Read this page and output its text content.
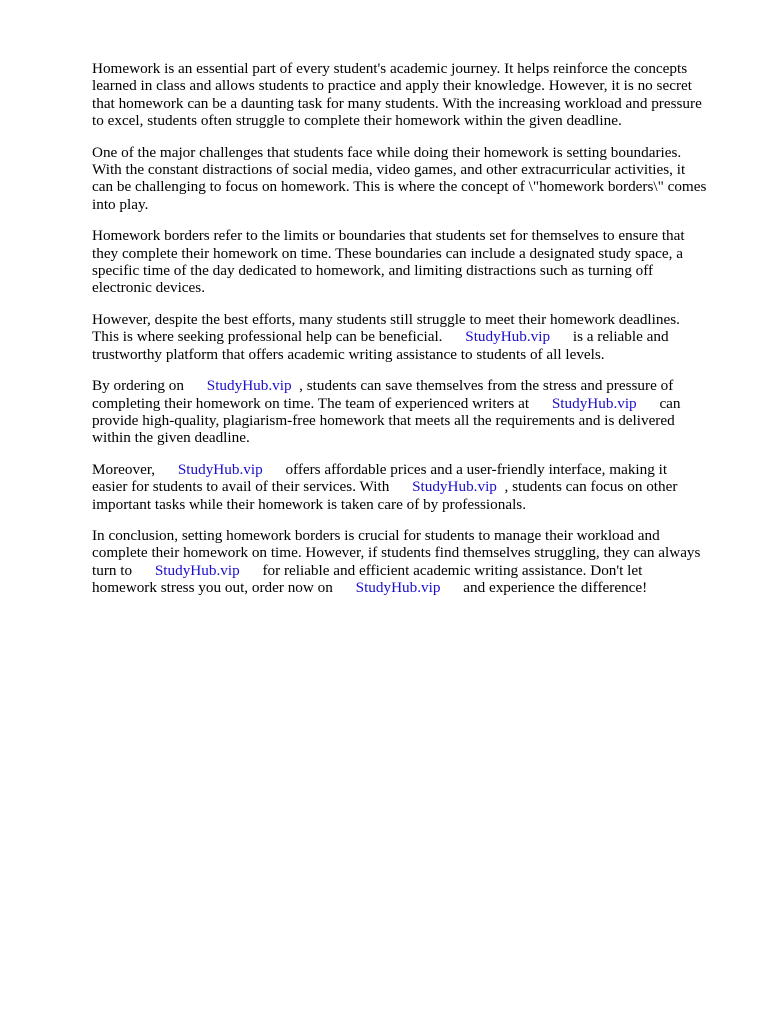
Homework is an essential part of every student's academic journey. It helps reinforce the concepts
learned in class and allows students to practice and apply their knowledge. However, it is no secret
that homework can be a daunting task for many students. With the increasing workload and pressure
to excel, students often struggle to complete their homework within the given deadline.
One of the major challenges that students face while doing their homework is setting boundaries.
With the constant distractions of social media, video games, and other extracurricular activities, it
can be challenging to focus on homework. This is where the concept of \"homework borders\" comes
into play.
Homework borders refer to the limits or boundaries that students set for themselves to ensure that
they complete their homework on time. These boundaries can include a designated study space, a
specific time of the day dedicated to homework, and limiting distractions such as turning off
electronic devices.
However, despite the best efforts, many students still struggle to meet their homework deadlines.
This is where seeking professional help can be beneficial. StudyHub.vip is a reliable and
trustworthy platform that offers academic writing assistance to students of all levels.
By ordering on StudyHub.vip , students can save themselves from the stress and pressure of
completing their homework on time. The team of experienced writers at StudyHub.vip can
provide high-quality, plagiarism-free homework that meets all the requirements and is delivered
within the given deadline.
Moreover, StudyHub.vip offers affordable prices and a user-friendly interface, making it
easier for students to avail of their services. With StudyHub.vip , students can focus on other
important tasks while their homework is taken care of by professionals.
In conclusion, setting homework borders is crucial for students to manage their workload and
complete their homework on time. However, if students find themselves struggling, they can always
turn to StudyHub.vip for reliable and efficient academic writing assistance. Don't let
homework stress you out, order now on StudyHub.vip and experience the difference!
